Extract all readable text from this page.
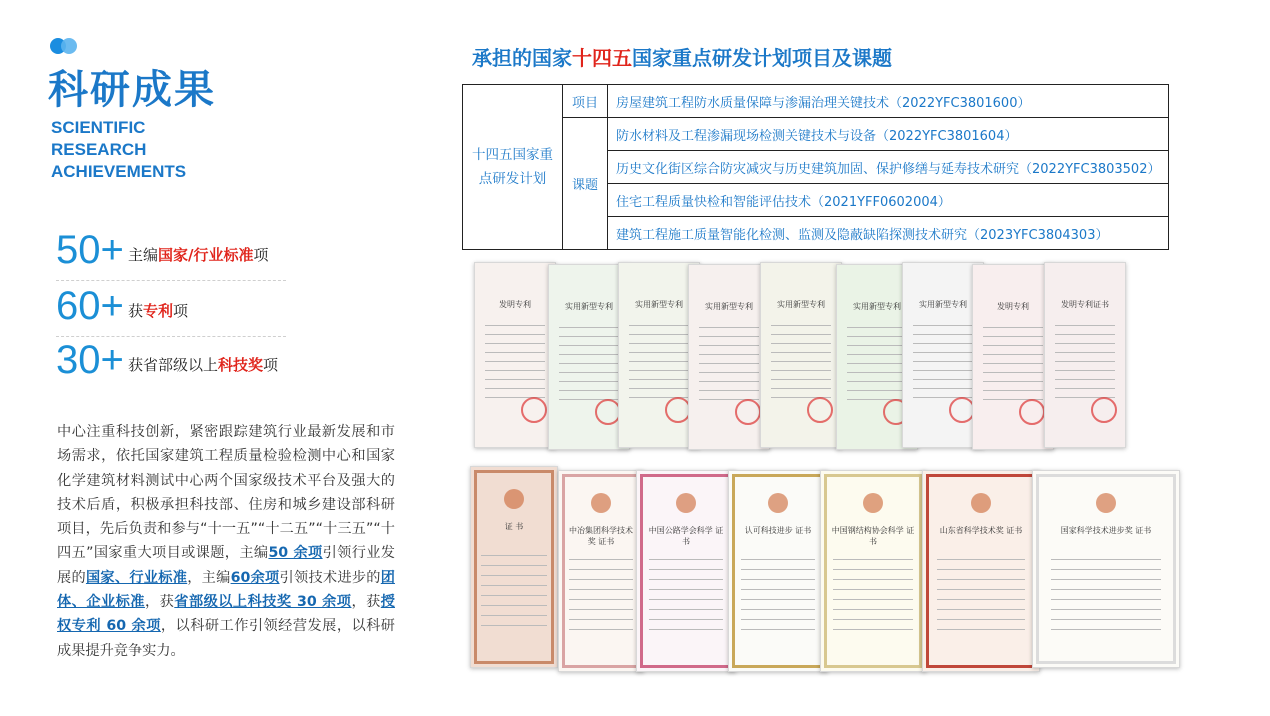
科研成果
SCIENTIFIC
RESEARCH
ACHIEVEMENTS
50+ 主编国家/行业标准项
60+ 获专利项
30+ 获省部级以上科技奖项
中心注重科技创新，紧密跟踪建筑行业最新发展和市场需求，依托国家建筑工程质量检验检测中心和国家化学建筑材料测试中心两个国家级技术平台及强大的技术后盾，积极承担科技部、住房和城乡建设部科研项目，先后负责和参与“十一五”“十二五”“十三五”“十四五”国家重大项目或课题，主编50 余项引领行业发展的国家、行业标准，主编60余项引领技术进步的团体、企业标准，获省部级以上科技奖 30 余项，获授权专利 60 余项，以科研工作引领经营发展，以科研成果提升竞争实力。
承担的国家十四五国家重点研发计划项目及课题
十四五国家重点研发计划	项目	房屋建筑工程防水质量保障与渗漏治理关键技术（2022YFC3801600）
	课题	防水材料及工程渗漏现场检测关键技术与设备（2022YFC3801604）
		历史文化街区综合防灾减灾与历史建筑加固、保护修缮与延寿技术研究（2022YFC3803502）
		住宅工程质量快检和智能评估技术（2021YFF0602004）
		建筑工程施工质量智能化检测、监测及隐蔽缺陷探测技术研究（2023YFC3804303）
发明专利	实用新型专利	实用新型专利	实用新型专利	实用新型专利	实用新型专利	实用新型专利	发明专利	发明专利证书
证 书	中冶集团科学技术奖 证书
中国公路学会科学 证书
认可科技进步 证书	中国钢结构协会科学 证书
山东省科学技术奖 证书	国家科学技术进步奖 证书
